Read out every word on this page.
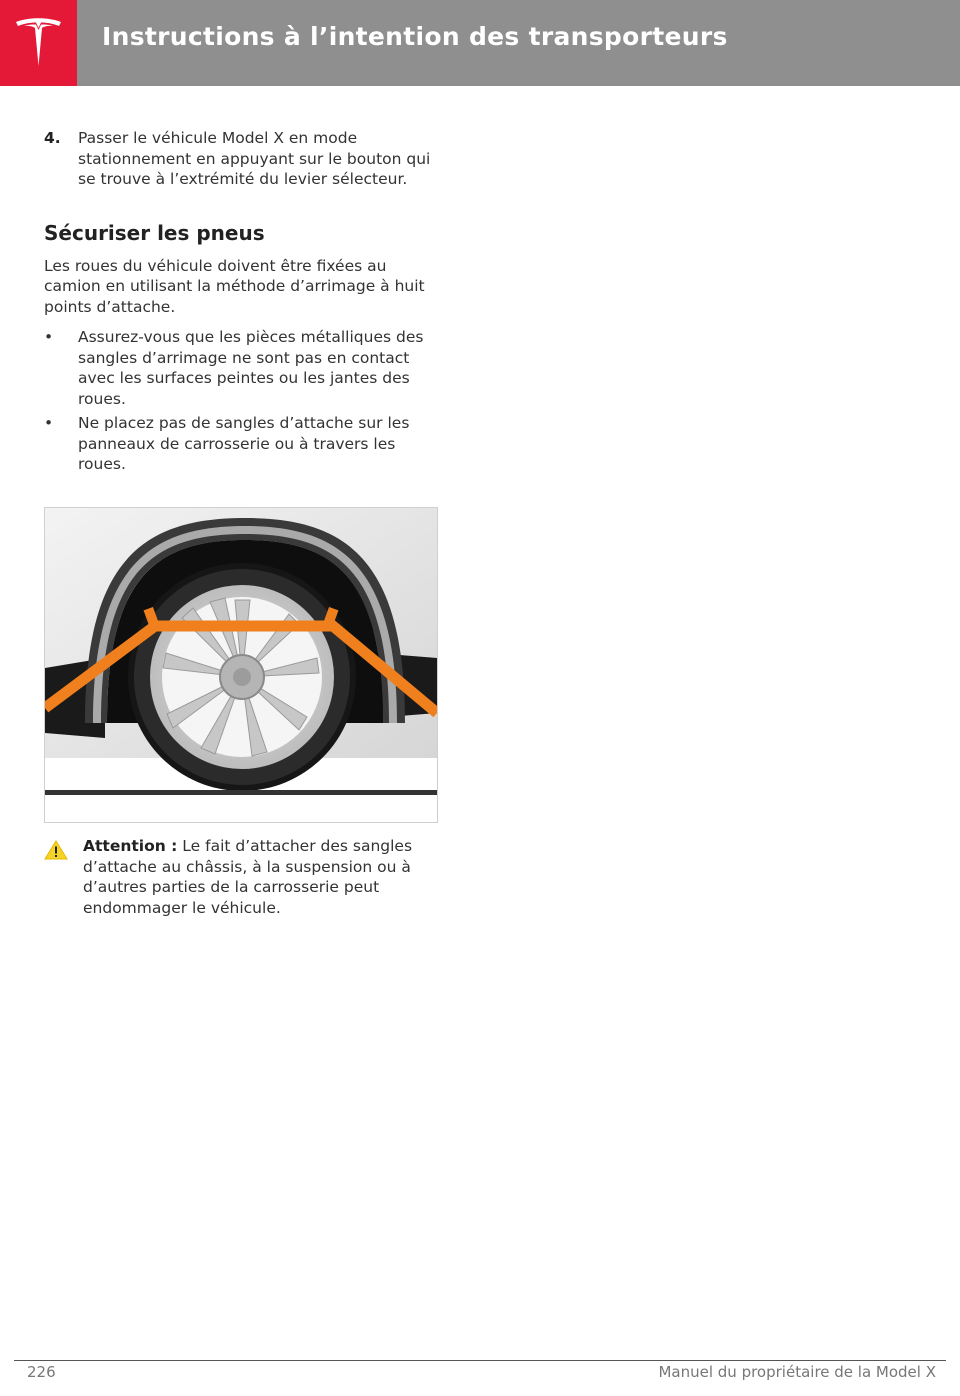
Instructions à l’intention des transporteurs
4. Passer le véhicule Model X en mode stationnement en appuyant sur le bouton qui se trouve à l’extrémité du levier sélecteur.
Sécuriser les pneus
Les roues du véhicule doivent être fixées au camion en utilisant la méthode d’arrimage à huit points d’attache.
• Assurez-vous que les pièces métalliques des sangles d’arrimage ne sont pas en contact avec les surfaces peintes ou les jantes des roues.
• Ne placez pas de sangles d’attache sur les panneaux de carrosserie ou à travers les roues.
Attention : Le fait d’attacher des sangles d’attache au châssis, à la suspension ou à d’autres parties de la carrosserie peut endommager le véhicule.
226	Manuel du propriétaire de la Model X
